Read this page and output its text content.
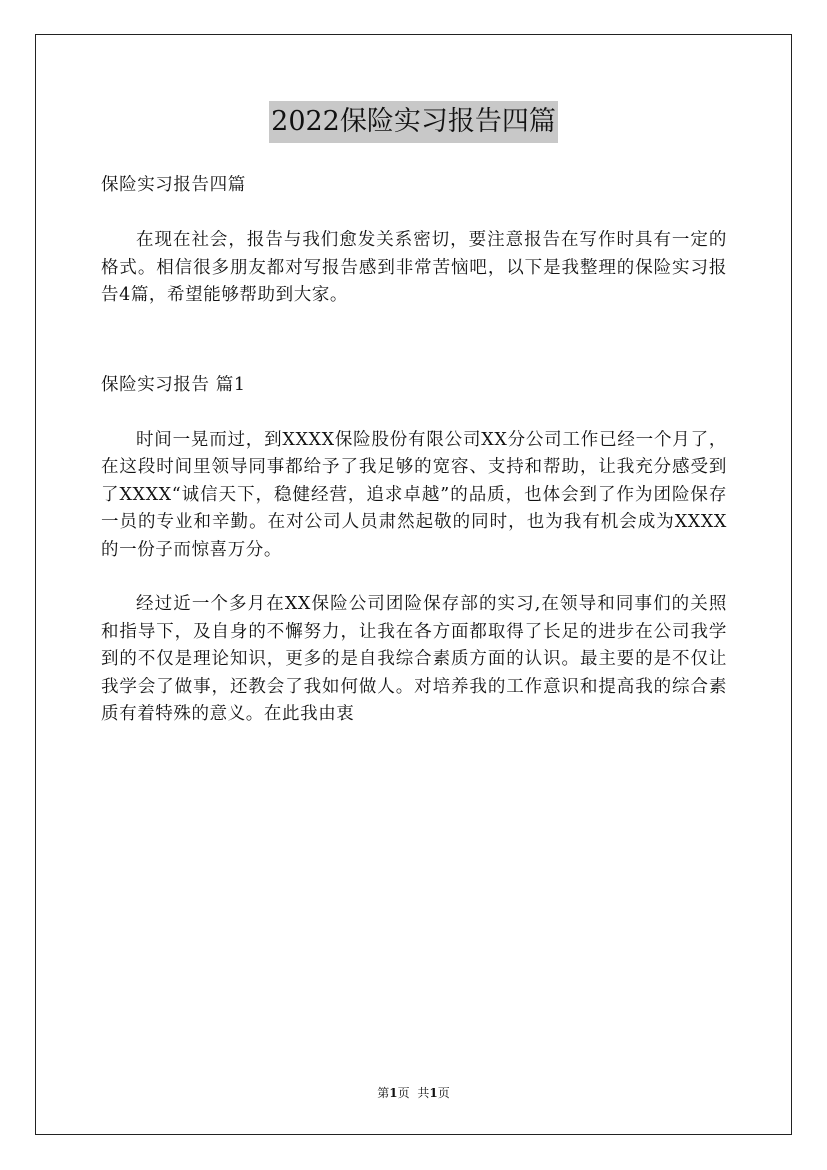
2022保险实习报告四篇
保险实习报告四篇

在现在社会，报告与我们愈发关系密切，要注意报告在写作时具有一定的格式。相信很多朋友都对写报告感到非常苦恼吧，以下是我整理的保险实习报告4篇，希望能够帮助到大家。

保险实习报告 篇1

时间一晃而过，到XXXX保险股份有限公司XX分公司工作已经一个月了，在这段时间里领导同事都给予了我足够的宽容、支持和帮助，让我充分感受到了XXXX“诚信天下，稳健经营，追求卓越”的品质，也体会到了作为团险保存一员的专业和辛勤。在对公司人员肃然起敬的同时，也为我有机会成为XXXX的一份子而惊喜万分。

经过近一个多月在XX保险公司团险保存部的实习,在领导和同事们的关照和指导下，及自身的不懈努力，让我在各方面都取得了长足的进步在公司我学到的不仅是理论知识，更多的是自我综合素质方面的认识。最主要的是不仅让我学会了做事，还教会了我如何做人。对培养我的工作意识和提高我的综合素质有着特殊的意义。在此我由衷

第1页 共1页
